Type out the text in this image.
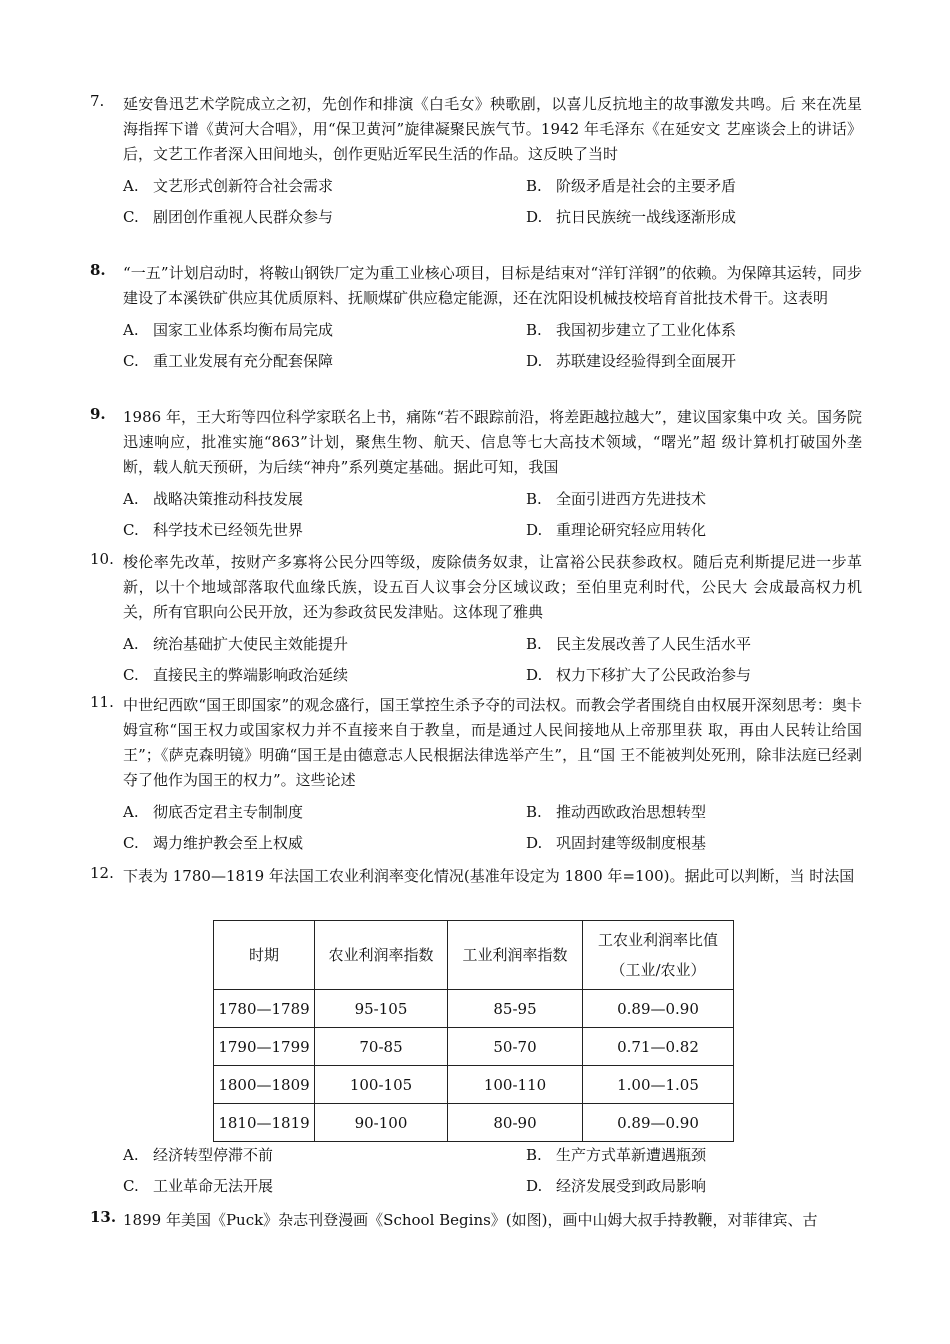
7.	延安鲁迅艺术学院成立之初，先创作和排演《白毛女》秧歌剧，以喜儿反抗地主的故事激发共鸣。后 来在冼星海指挥下谱《黄河大合唱》，用“保卫黄河”旋律凝聚民族气节。1942 年毛泽东《在延安文 艺座谈会上的讲话》后，文艺工作者深入田间地头，创作更贴近军民生活的作品。这反映了当时
A. 文艺形式创新符合社会需求	B. 阶级矛盾是社会的主要矛盾
C. 剧团创作重视人民群众参与	D. 抗日民族统一战线逐渐形成
8.	“一五”计划启动时，将鞍山钢铁厂定为重工业核心项目，目标是结束对“洋钉洋钢”的依赖。为保障其运转，同步建设了本溪铁矿供应其优质原料、抚顺煤矿供应稳定能源，还在沈阳设机械技校培育首批技术骨干。这表明
A. 国家工业体系均衡布局完成	B. 我国初步建立了工业化体系
C. 重工业发展有充分配套保障	D. 苏联建设经验得到全面展开
9.	1986 年，王大珩等四位科学家联名上书，痛陈“若不跟踪前沿，将差距越拉越大”，建议国家集中攻 关。国务院迅速响应，批准实施“863”计划，聚焦生物、航天、信息等七大高技术领域，“曙光”超 级计算机打破国外垄断，载人航天预研，为后续“神舟”系列奠定基础。据此可知，我国
A. 战略决策推动科技发展	B. 全面引进西方先进技术
C. 科学技术已经领先世界	D. 重理论研究轻应用转化
10. 梭伦率先改革，按财产多寡将公民分四等级，废除债务奴隶，让富裕公民获参政权。随后克利斯提尼进一步革新，以十个地域部落取代血缘氏族，设五百人议事会分区域议政；至伯里克利时代，公民大 会成最高权力机关，所有官职向公民开放，还为参政贫民发津贴。这体现了雅典
A. 统治基础扩大使民主效能提升	B. 民主发展改善了人民生活水平
C. 直接民主的弊端影响政治延续	D. 权力下移扩大了公民政治参与
11. 中世纪西欧“国王即国家”的观念盛行，国王掌控生杀予夺的司法权。而教会学者围绕自由权展开深刻思考：奥卡姆宣称“国王权力或国家权力并不直接来自于教皇，而是通过人民间接地从上帝那里获 取，再由人民转让给国王”；《萨克森明镜》明确“国王是由德意志人民根据法律选举产生”，且“国 王不能被判处死刑，除非法庭已经剥夺了他作为国王的权力”。这些论述
A. 彻底否定君主专制制度	B. 推动西欧政治思想转型
C. 竭力维护教会至上权威	D. 巩固封建等级制度根基
12. 下表为 1780—1819 年法国工农业利润率变化情况(基准年设定为 1800 年=100)。据此可以判断，当 时法国
时期	农业利润率指数	工业利润率指数	工农业利润率比值
（工业/农业）
1780—1789	95-105	85-95	0.89—0.90
1790—1799	70-85	50-70	0.71—0.82
1800—1809	100-105	100-110	1.00—1.05
1810—1819	90-100	80-90	0.89—0.90
A. 经济转型停滞不前	B. 生产方式革新遭遇瓶颈
C. 工业革命无法开展	D. 经济发展受到政局影响
13. 1899 年美国《Puck》杂志刊登漫画《School Begins》(如图)，画中山姆大叔手持教鞭，对菲律宾、古
